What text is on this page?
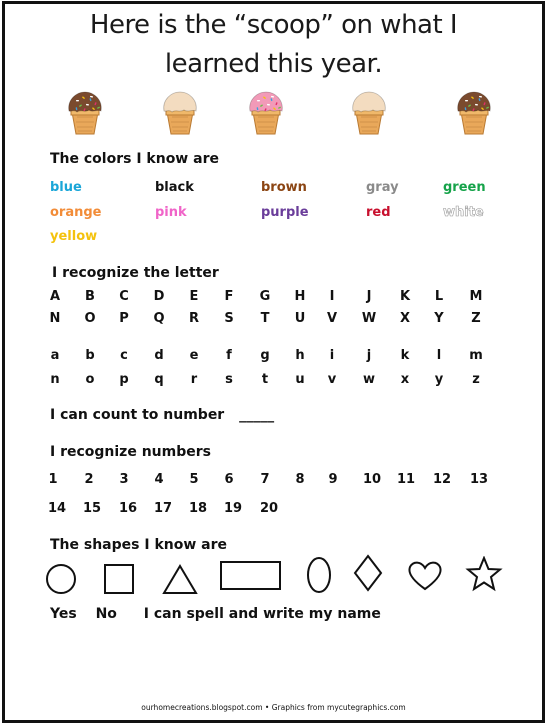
Here is the “scoop” on what I
learned this year.
The colors I know are
blue	black	brown	gray	green
orange	pink	purple	red	white
yellow
I recognize the letter
A	B	C	D	E	F	G	H	I	J	K	L	M
N	O	P	Q	R	S	T	U	V	W	X	Y	Z
a	b	c	d	e	f	g	h	i	j	k	l	m
n	o	p	q	r	s	t	u	v	w	x	y	z
I can count to number _____
I recognize numbers
1	2	3	4	5	6	7	8	9	10 11 12 13
14 15 16 17 18 19 20
The shapes I know are
Yes No I can spell and write my name
ourhomecreations.blogspot.com • Graphics from mycutegraphics.com
